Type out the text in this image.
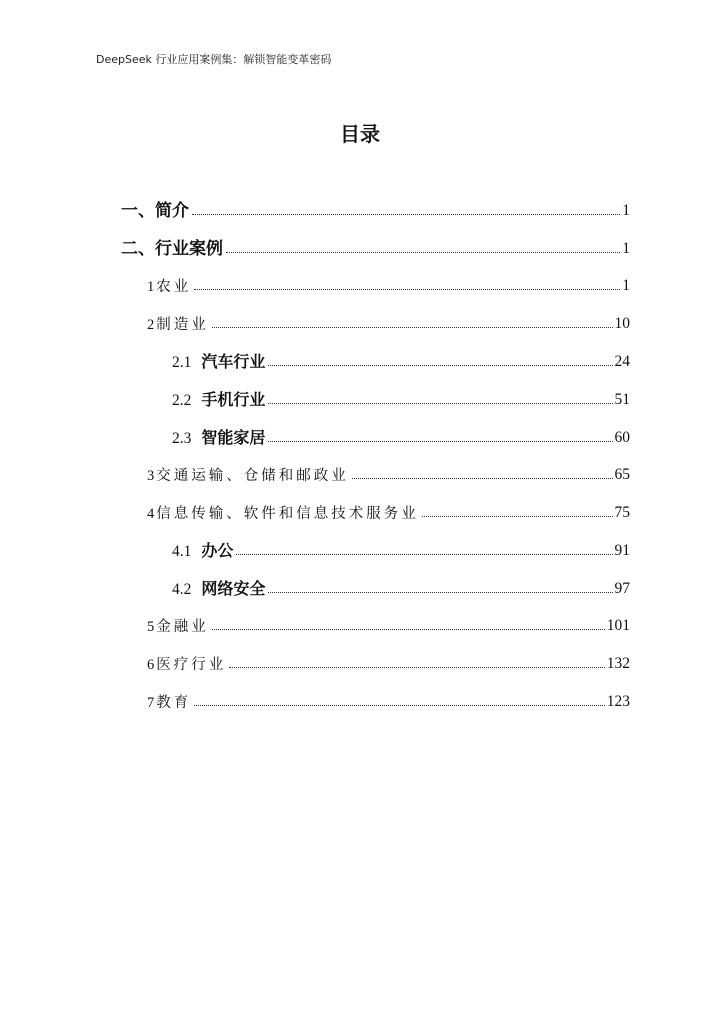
DeepSeek 行业应用案例集：解锁智能变革密码
目录
一、简介	1
二、行业案例	1
1 农业	1
2 制造业	10
2.1 汽车行业	24
2.2 手机行业	51
2.3 智能家居	60
3 交通运输、仓储和邮政业	65
4 信息传输、软件和信息技术服务业	75
4.1 办公	91
4.2 网络安全	97
5 金融业	101
6 医疗行业	132
7 教育	123
